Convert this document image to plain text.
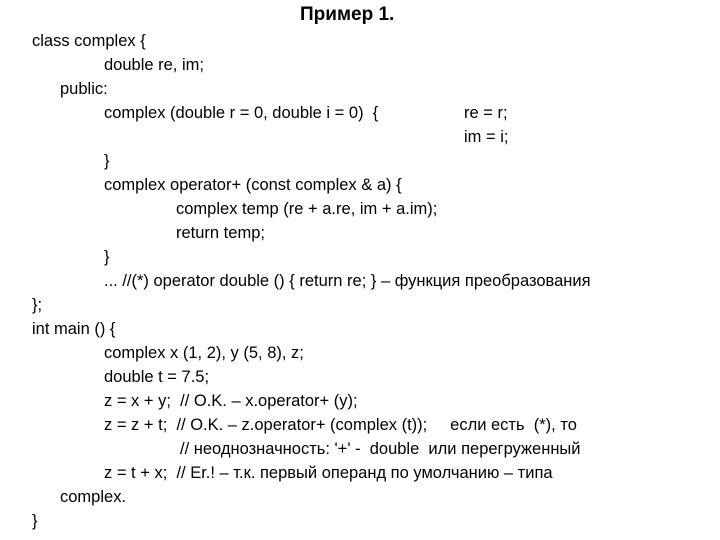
Пример 1.
class complex {
double re, im;
public:
complex (double r = 0, double i = 0)  {	re = r;
im = i;
}
complex operator+ (const complex & a) {
complex temp (re + a.re, im + a.im);
return temp;
}
... //(*) operator double () { return re; } – функция преобразования
};
int main () {
complex x (1, 2), y (5, 8), z;
double t = 7.5;
z = x + y;  // O.K. – x.operator+ (y);
z = z + t;  // O.K. – z.operator+ (complex (t));     если есть  (*), то
// неоднозначность: '+' -  double  или перегруженный
z = t + x;  // Er.! – т.к. первый операнд по умолчанию – типа
complex.
}
